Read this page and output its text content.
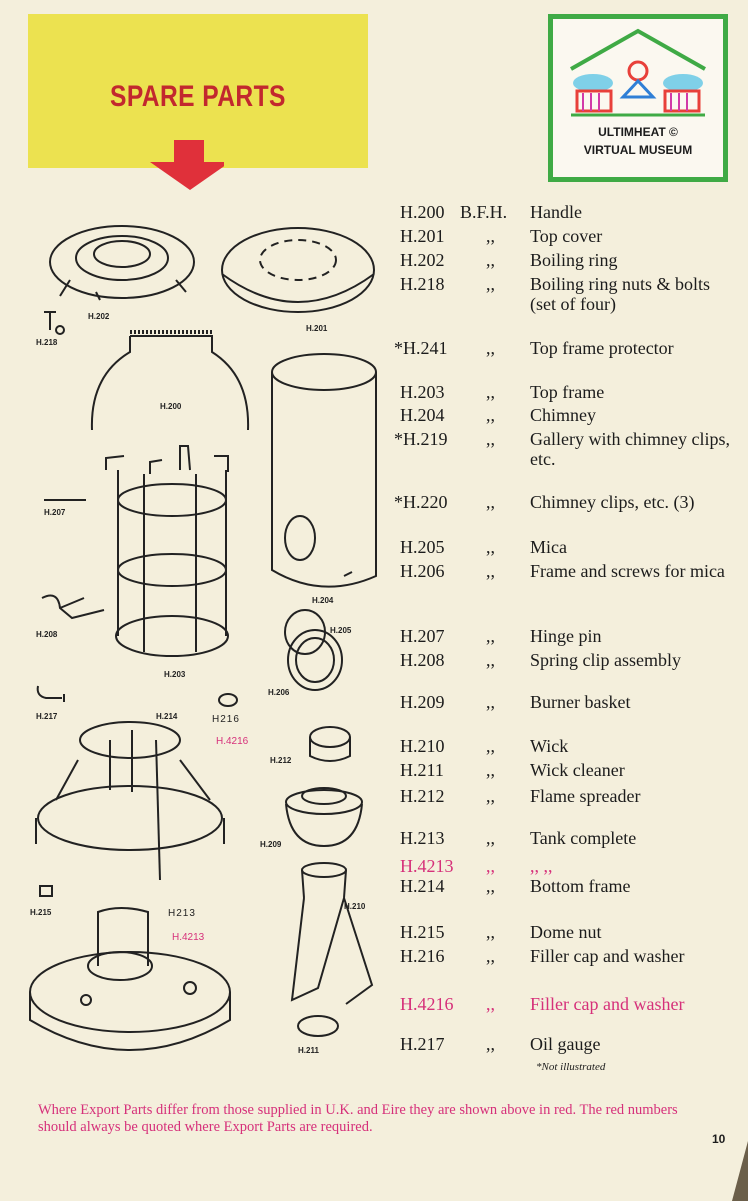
SPARE PARTS
ULTIMHEAT ©
VIRTUAL MUSEUM
H.202
H.218
H.201
H.200
H.207
H.208
H.203
H.204
H.205
H.206
H.217	H.214	H216
H.4216
H.212
H.209
H.215	H213
H.4213
H.210
H.211
H.200 B.F.H. Handle
H.201 ,, Top cover
H.202 ,, Boiling ring
H.218 ,, Boiling ring nuts & bolts (set of four)
*H.241 ,, Top frame protector
H.203 ,, Top frame
H.204 ,, Chimney
*H.219 ,, Gallery with chimney clips, etc.
*H.220 ,, Chimney clips, etc. (3)
H.205 ,, Mica
H.206 ,, Frame and screws for mica
H.207 ,, Hinge pin
H.208 ,, Spring clip assembly
H.209 ,, Burner basket
H.210 ,, Wick
H.211 ,, Wick cleaner
H.212 ,, Flame spreader
H.213 ,, Tank complete
H.4213 ,, ,, ,,
H.214 ,, Bottom frame
H.215 ,, Dome nut
H.216 ,, Filler cap and washer
H.4216 ,, Filler cap and washer
H.217 ,, Oil gauge
*Not illustrated
Where Export Parts differ from those supplied in U.K. and Eire they are shown above in red. The red numbers should always be quoted where Export Parts are required.
10
